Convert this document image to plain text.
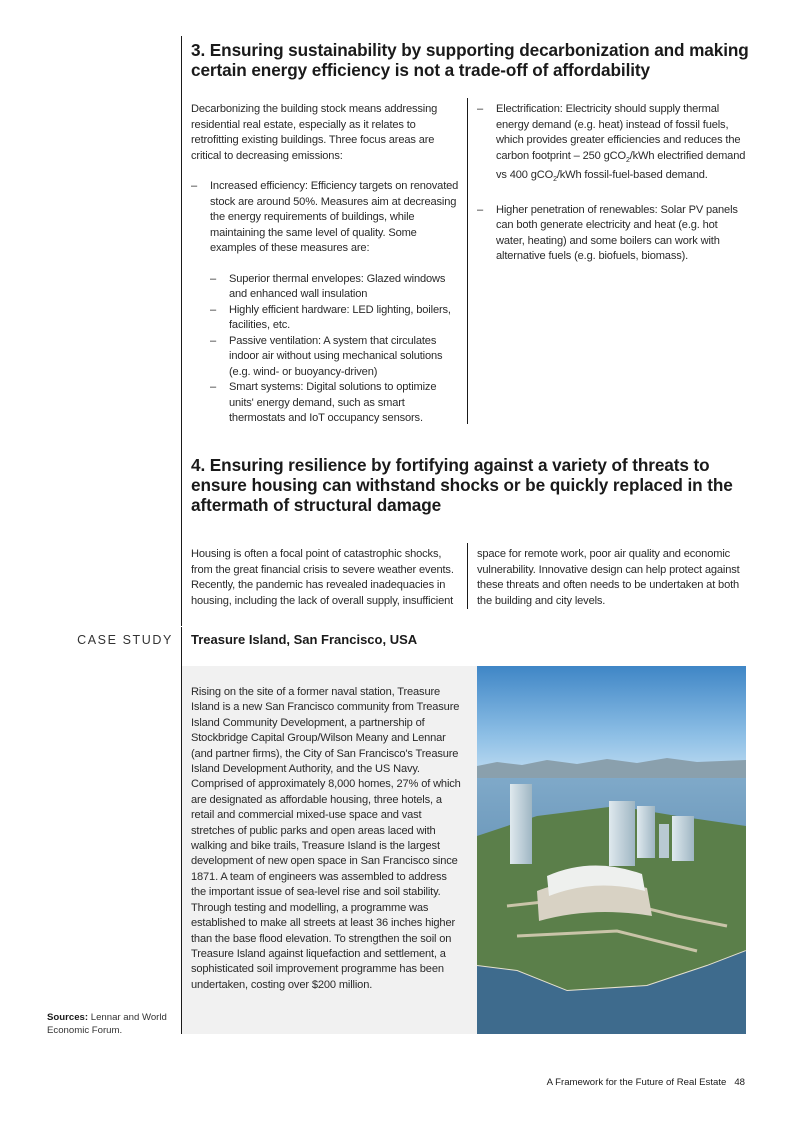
3. Ensuring sustainability by supporting decarbonization and making certain energy efficiency is not a trade-off of affordability

Decarbonizing the building stock means addressing residential real estate, especially as it relates to retrofitting existing buildings. Three focus areas are critical to decreasing emissions:

– Increased efficiency: Efficiency targets on renovated stock are around 50%. Measures aim at decreasing the energy requirements of buildings, while maintaining the same level of quality. Some examples of these measures are:

– Superior thermal envelopes: Glazed windows and enhanced wall insulation

– Highly efficient hardware: LED lighting, boilers, facilities, etc.

– Passive ventilation: A system that circulates indoor air without using mechanical solutions (e.g. wind- or buoyancy-driven)

– Smart systems: Digital solutions to optimize units' energy demand, such as smart thermostats and IoT occupancy sensors.

– Electrification: Electricity should supply thermal energy demand (e.g. heat) instead of fossil fuels, which provides greater efficiencies and reduces the carbon footprint – 250 gCO$_2$/kWh electrified demand vs 400 gCO$_2$/kWh fossil-fuel-based demand.

– Higher penetration of renewables: Solar PV panels can both generate electricity and heat (e.g. hot water, heating) and some boilers can work with alternative fuels (e.g. biofuels, biomass).

4. Ensuring resilience by fortifying against a variety of threats to ensure housing can withstand shocks or be quickly replaced in the aftermath of structural damage
Housing is often a focal point of catastrophic shocks, from the great financial crisis to severe weather events. Recently, the pandemic has revealed inadequacies in housing, including the lack of overall supply, insufficient
space for remote work, poor air quality and economic vulnerability. Innovative design can help protect against these threats and often needs to be undertaken at both the building and city levels.
CASE STUDY Treasure Island, San Francisco, USA
Rising on the site of a former naval station, Treasure Island is a new San Francisco community from Treasure Island Community Development, a partnership of Stockbridge Capital Group/Wilson Meany and Lennar (and partner firms), the City of San Francisco's Treasure Island Development Authority, and the US Navy. Comprised of approximately 8,000 homes, 27% of which are designated as affordable housing, three hotels, a retail and commercial mixed-use space and vast stretches of public parks and open areas laced with walking and bike trails, Treasure Island is the largest development of new open space in San Francisco since 1871. A team of engineers was assembled to address the important issue of sea-level rise and soil stability. Through testing and modelling, a programme was established to make all streets at least 36 inches higher than the base flood elevation. To strengthen the soil on Treasure Island against liquefaction and settlement, a sophisticated soil improvement programme has been undertaken, costing over $200 million.
Sources: Lennar and World Economic Forum.
A Framework for the Future of Real Estate 48
